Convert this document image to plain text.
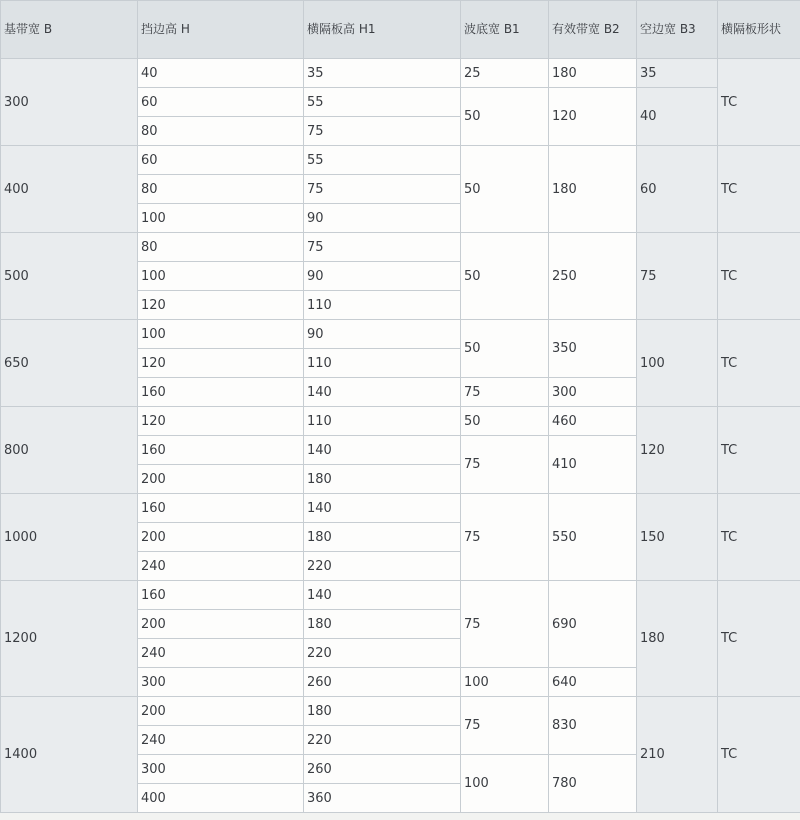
基带宽 B	挡边高 H	横隔板高 H1	波底宽 B1	有效带宽 B2	空边宽 B3	横隔板形状
300	40	35	25	180	35	TC
	60	55	50	120	40	
	80	75				
400	60	55	50	180	60	TC
	80	75				
	100	90				
500	80	75	50	250	75	TC
	100	90				
	120	110				
650	100	90	50	350	100	TC
	120	110				
	160	140	75	300		
800	120	110	50	460	120	TC
	160	140	75	410		
	200	180				
1000	160	140	75	550	150	TC
	200	180				
	240	220				
1200	160	140	75	690	180	TC
	200	180				
	240	220				
	300	260	100	640		
1400	200	180	75	830	210	TC
	240	220				
	300	260	100	780		
	400	360				
